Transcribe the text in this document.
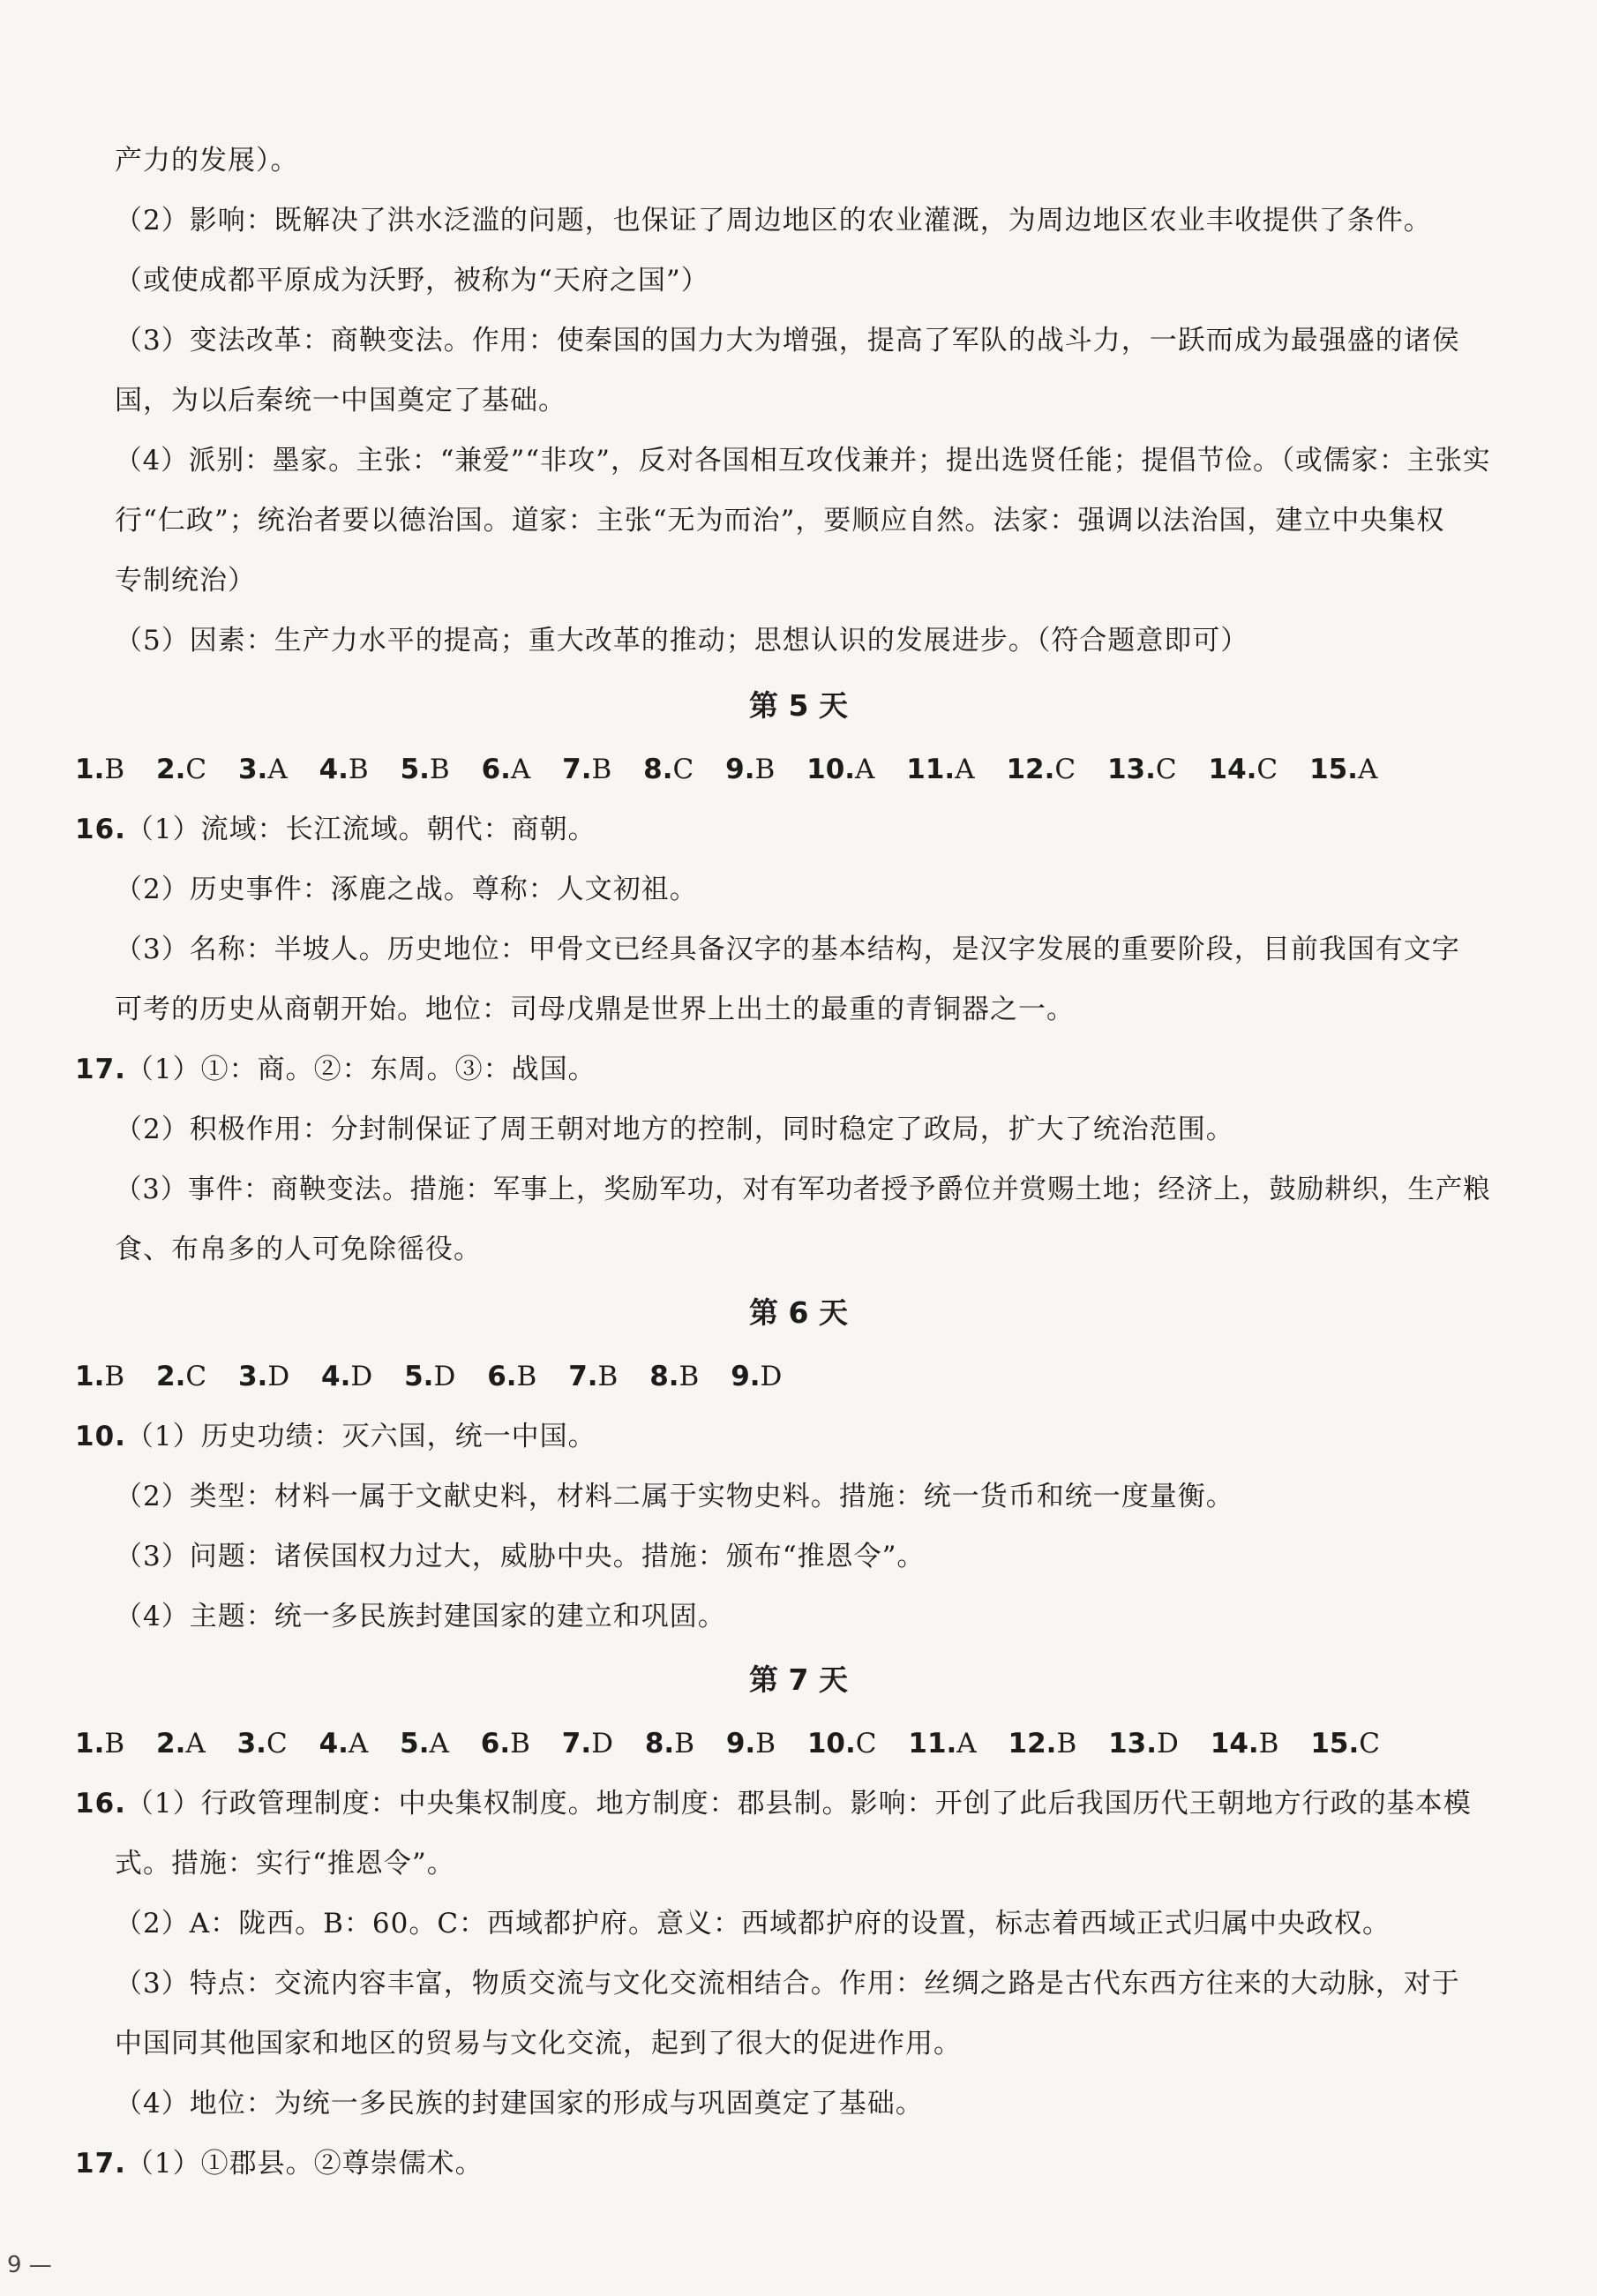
产力的发展）。
（2）影响：既解决了洪水泛滥的问题，也保证了周边地区的农业灌溉，为周边地区农业丰收提供了条件。
（或使成都平原成为沃野，被称为“天府之国”）
（3）变法改革：商鞅变法。作用：使秦国的国力大为增强，提高了军队的战斗力，一跃而成为最强盛的诸侯
国，为以后秦统一中国奠定了基础。
（4）派别：墨家。主张：“兼爱”“非攻”，反对各国相互攻伐兼并；提出选贤任能；提倡节俭。（或儒家：主张实
行“仁政”；统治者要以德治国。道家：主张“无为而治”，要顺应自然。法家：强调以法治国，建立中央集权
专制统治）
（5）因素：生产力水平的提高；重大改革的推动；思想认识的发展进步。（符合题意即可）
第 5 天
1.B 2.C 3.A 4.B 5.B 6.A 7.B 8.C 9.B 10.A 11.A 12.C 13.C 14.C 15.A
16.（1）流域：长江流域。朝代：商朝。
（2）历史事件：涿鹿之战。尊称：人文初祖。
（3）名称：半坡人。历史地位：甲骨文已经具备汉字的基本结构，是汉字发展的重要阶段，目前我国有文字
可考的历史从商朝开始。地位：司母戊鼎是世界上出土的最重的青铜器之一。
17.（1）①：商。②：东周。③：战国。
（2）积极作用：分封制保证了周王朝对地方的控制，同时稳定了政局，扩大了统治范围。
（3）事件：商鞅变法。措施：军事上，奖励军功，对有军功者授予爵位并赏赐土地；经济上，鼓励耕织，生产粮
食、布帛多的人可免除徭役。
第 6 天
1.B 2.C 3.D 4.D 5.D 6.B 7.B 8.B 9.D
10.（1）历史功绩：灭六国，统一中国。
（2）类型：材料一属于文献史料，材料二属于实物史料。措施：统一货币和统一度量衡。
（3）问题：诸侯国权力过大，威胁中央。措施：颁布“推恩令”。
（4）主题：统一多民族封建国家的建立和巩固。
第 7 天
1.B 2.A 3.C 4.A 5.A 6.B 7.D 8.B 9.B 10.C 11.A 12.B 13.D 14.B 15.C
16.（1）行政管理制度：中央集权制度。地方制度：郡县制。影响：开创了此后我国历代王朝地方行政的基本模
式。措施：实行“推恩令”。
（2）A：陇西。B：60。C：西域都护府。意义：西域都护府的设置，标志着西域正式归属中央政权。
（3）特点：交流内容丰富，物质交流与文化交流相结合。作用：丝绸之路是古代东西方往来的大动脉，对于
中国同其他国家和地区的贸易与文化交流，起到了很大的促进作用。
（4）地位：为统一多民族的封建国家的形成与巩固奠定了基础。
17.（1）①郡县。②尊崇儒术。
9 —
